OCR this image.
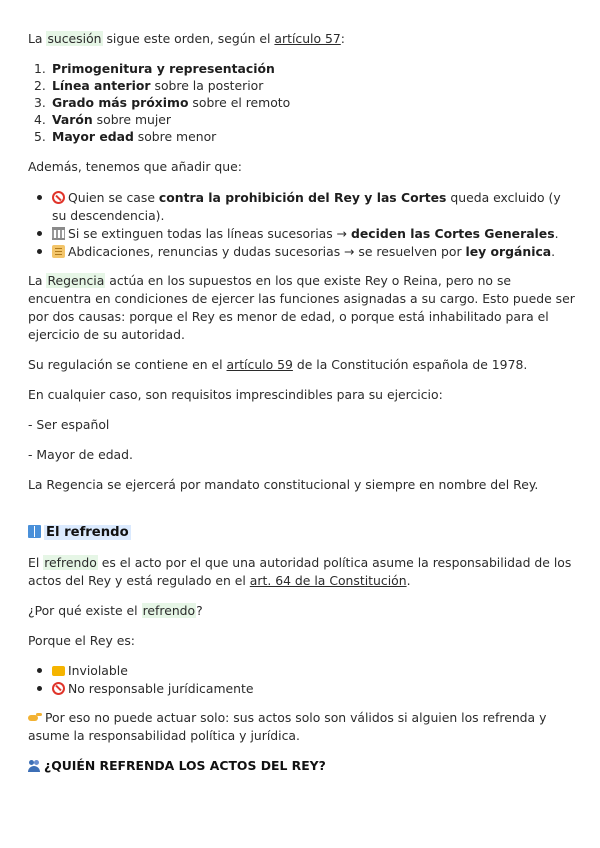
La sucesión sigue este orden, según el artículo 57:

1. Primogenitura y representación
2. Línea anterior sobre la posterior
3. Grado más próximo sobre el remoto
4. Varón sobre mujer
5. Mayor edad sobre menor

Además, tenemos que añadir que:

Quien se case contra la prohibición del Rey y las Cortes queda excluido (y su descendencia).
Si se extinguen todas las líneas sucesorias → deciden las Cortes Generales.
Abdicaciones, renuncias y dudas sucesorias → se resuelven por ley orgánica.

La Regencia actúa en los supuestos en los que existe Rey o Reina, pero no se encuentra en condiciones de ejercer las funciones asignadas a su cargo. Esto puede ser por dos causas: porque el Rey es menor de edad, o porque está inhabilitado para el ejercicio de su autoridad.

Su regulación se contiene en el artículo 59 de la Constitución española de 1978.

En cualquier caso, son requisitos imprescindibles para su ejercicio:

- Ser español

- Mayor de edad.

La Regencia se ejercerá por mandato constitucional y siempre en nombre del Rey.

El refrendo

El refrendo es el acto por el que una autoridad política asume la responsabilidad de los actos del Rey y está regulado en el art. 64 de la Constitución.

¿Por qué existe el refrendo?

Porque el Rey es:

Inviolable
No responsable jurídicamente

Por eso no puede actuar solo: sus actos solo son válidos si alguien los refrenda y asume la responsabilidad política y jurídica.

¿QUIÉN REFRENDA LOS ACTOS DEL REY?
